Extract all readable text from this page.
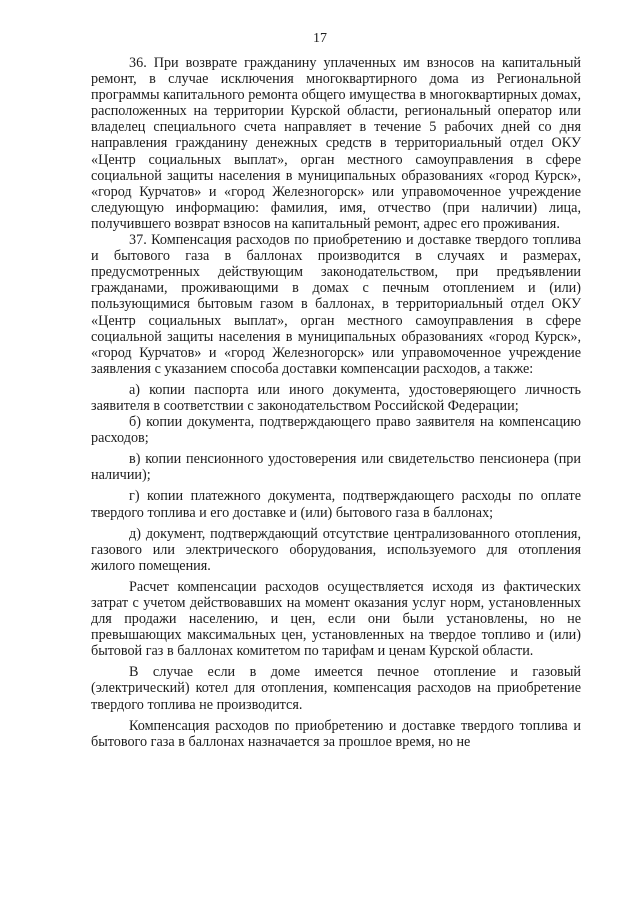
17

36. При возврате гражданину уплаченных им взносов на капитальный ремонт, в случае исключения многоквартирного дома из Региональной программы капитального ремонта общего имущества в многоквартирных домах, расположенных на территории Курской области, региональный оператор или владелец специального счета направляет в течение 5 рабочих дней со дня направления гражданину денежных средств в территориальный отдел ОКУ «Центр социальных выплат», орган местного самоуправления в сфере социальной защиты населения в муниципальных образованиях «город Курск», «город Курчатов» и «город Железногорск» или управомоченное учреждение следующую информацию: фамилия, имя, отчество (при наличии) лица, получившего возврат взносов на капитальный ремонт, адрес его проживания.

37. Компенсация расходов по приобретению и доставке твердого топлива и бытового газа в баллонах производится в случаях и размерах, предусмотренных действующим законодательством, при предъявлении гражданами, проживающими в домах с печным отоплением и (или) пользующимися бытовым газом в баллонах, в территориальный отдел ОКУ «Центр социальных выплат», орган местного самоуправления в сфере социальной защиты населения в муниципальных образованиях «город Курск», «город Курчатов» и «город Железногорск» или управомоченное учреждение заявления с указанием способа доставки компенсации расходов, а также:

а) копии паспорта или иного документа, удостоверяющего личность заявителя в соответствии с законодательством Российской Федерации;

б) копии документа, подтверждающего право заявителя на компенсацию расходов;

в) копии пенсионного удостоверения или свидетельство пенсионера (при наличии);

г) копии платежного документа, подтверждающего расходы по оплате твердого топлива и его доставке и (или) бытового газа в баллонах;

д) документ, подтверждающий отсутствие централизованного отопления, газового или электрического оборудования, используемого для отопления жилого помещения.

Расчет компенсации расходов осуществляется исходя из фактических затрат с учетом действовавших на момент оказания услуг норм, установленных для продажи населению, и цен, если они были установлены, но не превышающих максимальных цен, установленных на твердое топливо и (или) бытовой газ в баллонах комитетом по тарифам и ценам Курской области.

В случае если в доме имеется печное отопление и газовый (электрический) котел для отопления, компенсация расходов на приобретение твердого топлива не производится.

Компенсация расходов по приобретению и доставке твердого топлива и бытового газа в баллонах назначается за прошлое время, но не
